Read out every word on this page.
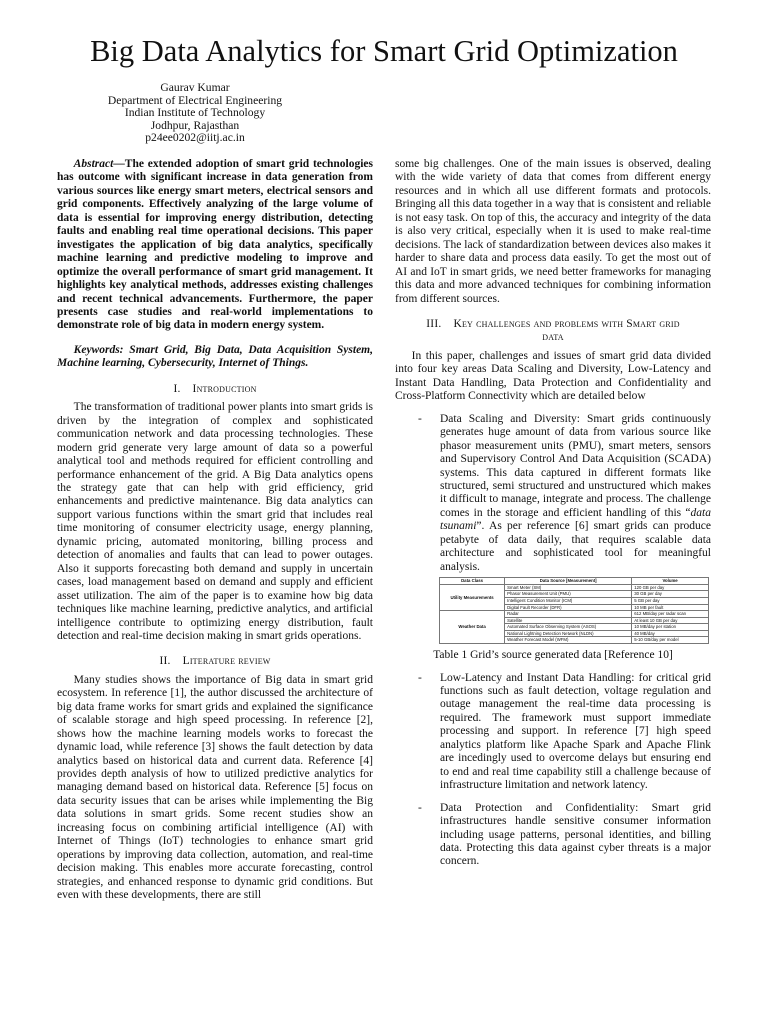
Big Data Analytics for Smart Grid Optimization
Gaurav Kumar
Department of Electrical Engineering
Indian Institute of Technology
Jodhpur, Rajasthan
p24ee0202@iitj.ac.in

Abstract—The extended adoption of smart grid technologies has outcome with significant increase in data generation from various sources like energy smart meters, electrical sensors and grid components. Effectively analyzing of the large volume of data is essential for improving energy distribution, detecting faults and enabling real time operational decisions. This paper investigates the application of big data analytics, specifically machine learning and predictive modeling to improve and optimize the overall performance of smart grid management. It highlights key analytical methods, addresses existing challenges and recent technical advancements. Furthermore, the paper presents case studies and real-world implementations to demonstrate role of big data in modern energy system.

Keywords: Smart Grid, Big Data, Data Acquisition System, Machine learning, Cybersecurity, Internet of Things.

I. Introduction

The transformation of traditional power plants into smart grids is driven by the integration of complex and sophisticated communication network and data processing technologies. These modern grid generate very large amount of data so a powerful analytical tool and methods required for efficient controlling and performance enhancement of the grid. A Big Data analytics opens the strategy gate that can help with grid efficiency, grid enhancements and predictive maintenance. Big data analytics can support various functions within the smart grid that includes real time monitoring of consumer electricity usage, energy planning, dynamic pricing, automated monitoring, billing process and detection of anomalies and faults that can lead to power outages. Also it supports forecasting both demand and supply in uncertain cases, load management based on demand and supply and efficient asset utilization. The aim of the paper is to examine how big data techniques like machine learning, predictive analytics, and artificial intelligence contribute to optimizing energy distribution, fault detection and real-time decision making in smart grids operations.

II. Literature review

Many studies shows the importance of Big data in smart grid ecosystem. In reference [1], the author discussed the architecture of big data frame works for smart grids and explained the significance of scalable storage and high speed processing. In reference [2], shows how the machine learning models works to forecast the dynamic load, while reference [3] shows the fault detection by data analytics based on historical data and current data. Reference [4] provides depth analysis of how to utilized predictive analytics for managing demand based on historical data. Reference [5] focus on data security issues that can be arises while implementing the Big data solutions in smart grids. Some recent studies show an increasing focus on combining artificial intelligence (AI) with Internet of Things (IoT) technologies to enhance smart grid operations by improving data collection, automation, and real-time decision making. This enables more accurate forecasting, control strategies, and enhanced response to dynamic grid conditions. But even with these developments, there are still

some big challenges. One of the main issues is observed, dealing with the wide variety of data that comes from different energy resources and in which all use different formats and protocols. Bringing all this data together in a way that is consistent and reliable is not easy task. On top of this, the accuracy and integrity of the data is also very critical, especially when it is used to make real-time decisions. The lack of standardization between devices also makes it harder to share data and process data easily. To get the most out of AI and IoT in smart grids, we need better frameworks for managing this data and more advanced techniques for combining information from different sources.

III. Key challenges and problems with Smart grid
data

In this paper, challenges and issues of smart grid data divided into four key areas Data Scaling and Diversity, Low-Latency and Instant Data Handling, Data Protection and Confidentiality and Cross-Platform Connectivity which are detailed below

- Data Scaling and Diversity: Smart grids continuously generates huge amount of data from various source like phasor measurement units (PMU), smart meters, sensors and Supervisory Control And Data Acquisition (SCADA) systems. This data captured in different formats like structured, semi structured and unstructured which makes it difficult to manage, integrate and process. The challenge comes in the storage and efficient handling of this “data tsunami”. As per reference [6] smart grids can produce petabyte of data daily, that requires scalable data architecture and sophisticated tool for meaningful analysis.

Data Class	Data Source [Measurement]	Volume
Utility Measurements	Smart Meter (SM)	120 GB per day
	Phasor Measurement Unit (PMU)	30 GB per day
	Intelligent Condition Monitor (ICM)	5 GB per day
	Digital Fault Recorder (DFR)	10 MB per fault
Weather Data	Radar	612 MB/day per radar scan
	Satellite	At least 10 GB per day
	Automated Surface Observing System (ASOS)	10 MB/day per station
	National Lightning Detection Network (NLDN)	40 MB/day
	Weather Forecast Model (WFM)	5-10 GB/day per model

Table 1 Grid’s source generated data [Reference 10]

- Low-Latency and Instant Data Handling: for critical grid functions such as fault detection, voltage regulation and outage management the real-time data processing is required. The framework must support immediate processing and support. In reference [7] high speed analytics platform like Apache Spark and Apache Flink are incedingly used to overcome delays but ensuring end to end and real time capability still a challenge because of infrastructure limitation and network latency.

- Data Protection and Confidentiality: Smart grid infrastructures handle sensitive consumer information including usage patterns, personal identities, and billing data. Protecting this data against cyber threats is a major concern.
